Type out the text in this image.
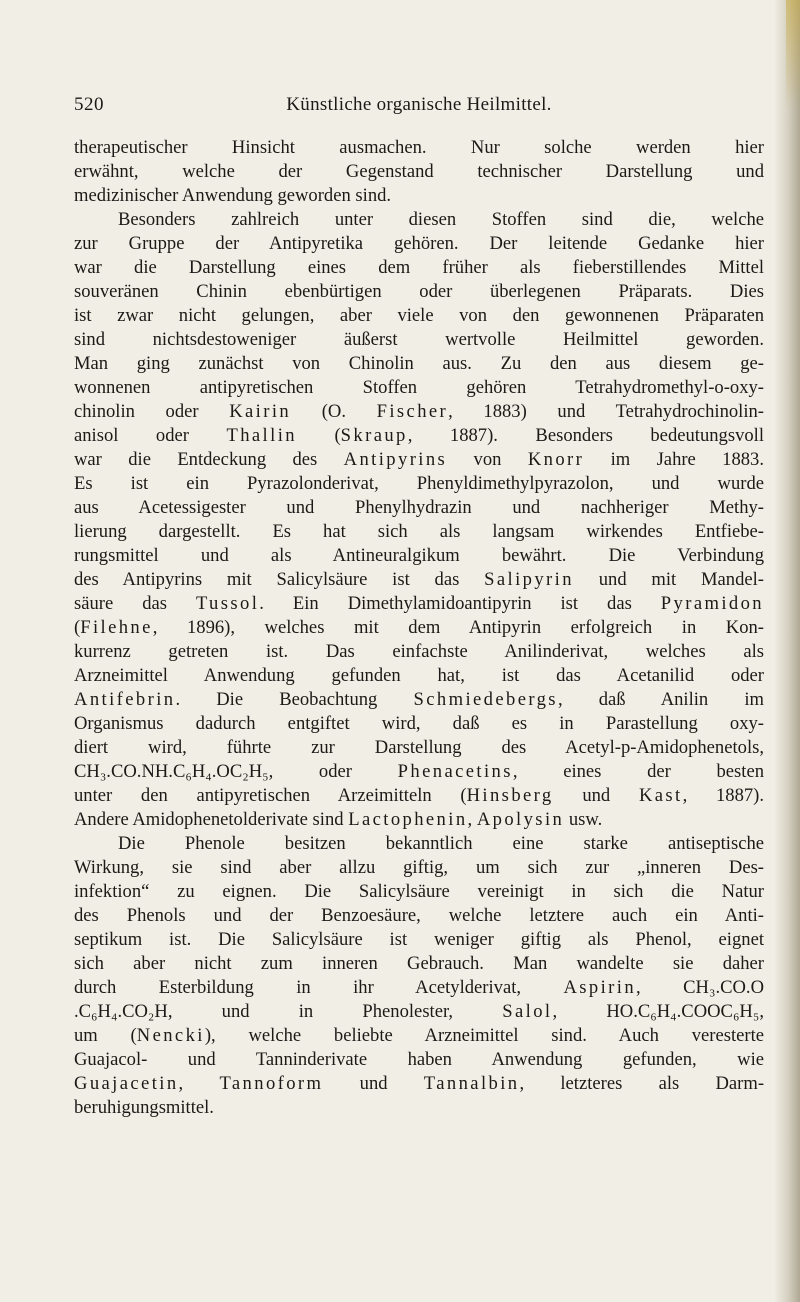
520	Künstliche organische Heilmittel.
therapeutischer Hinsicht ausmachen. Nur solche werden hier
erwähnt, welche der Gegenstand technischer Darstellung und
medizinischer Anwendung geworden sind.
Besonders zahlreich unter diesen Stoffen sind die, welche
zur Gruppe der Antipyretika gehören. Der leitende Gedanke hier
war die Darstellung eines dem früher als fieberstillendes Mittel
souveränen Chinin ebenbürtigen oder überlegenen Präparats. Dies
ist zwar nicht gelungen, aber viele von den gewonnenen Präparaten
sind nichtsdestoweniger äußerst wertvolle Heilmittel geworden.
Man ging zunächst von Chinolin aus. Zu den aus diesem ge-
wonnenen antipyretischen Stoffen gehören Tetrahydromethyl-o-oxy-
chinolin oder Kairin (O. Fischer, 1883) und Tetrahydrochinolin-
anisol oder Thallin (Skraup, 1887). Besonders bedeutungsvoll
war die Entdeckung des Antipyrins von Knorr im Jahre 1883.
Es ist ein Pyrazolonderivat, Phenyldimethylpyrazolon, und wurde
aus Acetessigester und Phenylhydrazin und nachheriger Methy-
lierung dargestellt. Es hat sich als langsam wirkendes Entfiebe-
rungsmittel und als Antineuralgikum bewährt. Die Verbindung
des Antipyrins mit Salicylsäure ist das Salipyrin und mit Mandel-
säure das Tussol. Ein Dimethylamidoantipyrin ist das Pyramidon
(Filehne, 1896), welches mit dem Antipyrin erfolgreich in Kon-
kurrenz getreten ist. Das einfachste Anilinderivat, welches als
Arzneimittel Anwendung gefunden hat, ist das Acetanilid oder
Antifebrin. Die Beobachtung Schmiedebergs, daß Anilin im
Organismus dadurch entgiftet wird, daß es in Parastellung oxy-
diert wird, führte zur Darstellung des Acetyl-p-Amidophenetols,
CH₃.CO.NH.C₆H₄.OC₂H₅, oder Phenacetins, eines der besten
unter den antipyretischen Arzeimitteln (Hinsberg und Kast, 1887).
Andere Amidophenetolderivate sind Lactophenin, Apolysin usw.
Die Phenole besitzen bekanntlich eine starke antiseptische
Wirkung, sie sind aber allzu giftig, um sich zur „inneren Des-
infektion“ zu eignen. Die Salicylsäure vereinigt in sich die Natur
des Phenols und der Benzoesäure, welche letztere auch ein Anti-
septikum ist. Die Salicylsäure ist weniger giftig als Phenol, eignet
sich aber nicht zum inneren Gebrauch. Man wandelte sie daher
durch Esterbildung in ihr Acetylderivat, Aspirin, CH₃.CO.O
.C₆H₄.CO₂H, und in Phenolester, Salol, HO.C₆H₄.COOC₆H₅,
um (Nencki), welche beliebte Arzneimittel sind. Auch veresterte
Guajacol- und Tanninderivate haben Anwendung gefunden, wie
Guajacetin, Tannoform und Tannalbin, letzteres als Darm-
beruhigungsmittel.
